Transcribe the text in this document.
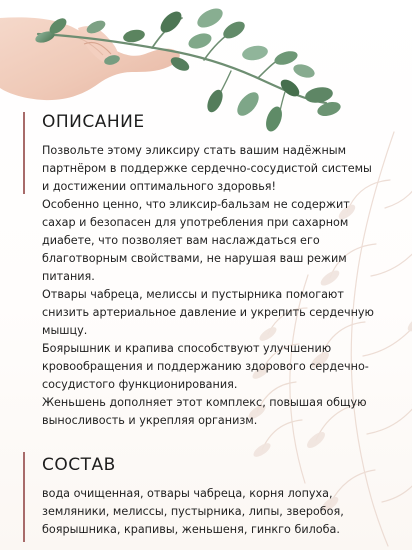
ОПИСАНИЕ

Позвольте этому эликсиру стать вашим надёжным партнёром в поддержке сердечно-сосудистой системы и достижении оптимального здоровья!

Особенно ценно, что эликсир-бальзам не содержит сахар и безопасен для употребления при сахарном диабете, что позволяет вам наслаждаться его благотворным свойствами, не нарушая ваш режим питания.

Отвары чабреца, мелиссы и пустырника помогают снизить артериальное давление и укрепить сердечную мышцу.

Боярышник и крапива способствуют улучшению кровообращения и поддержанию здорового сердечно-сосудистого функционирования.

Женьшень дополняет этот комплекс, повышая общую выносливость и укрепляя организм.

СОСТАВ

вода очищенная, отвары чабреца, корня лопуха, земляники, мелиссы, пустырника, липы, зверобоя, боярышника, крапивы, женьшеня, гинкго билоба.
